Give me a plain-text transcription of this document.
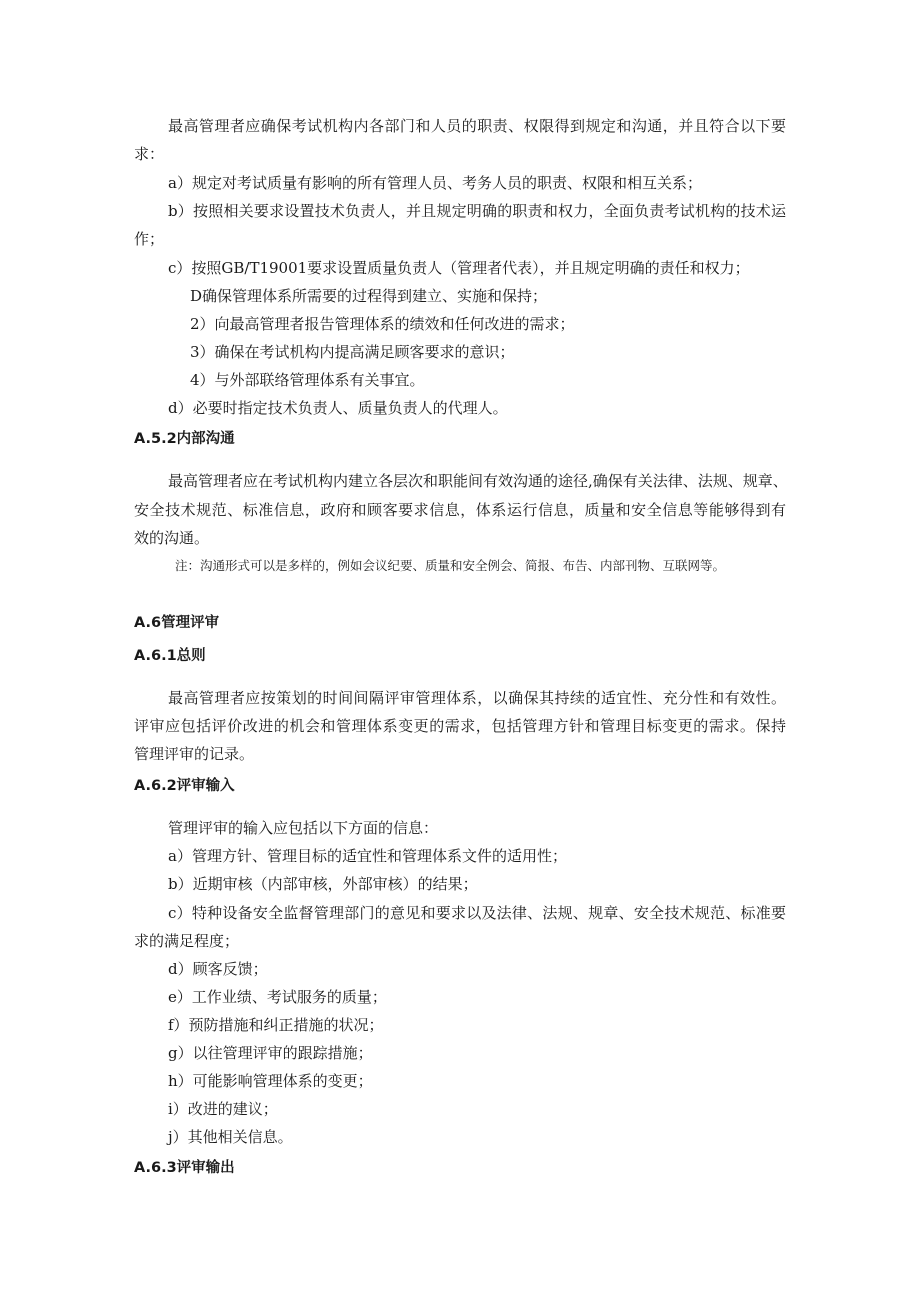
最高管理者应确保考试机构内各部门和人员的职责、权限得到规定和沟通，并且符合以下要
求：
a）规定对考试质量有影响的所有管理人员、考务人员的职责、权限和相互关系；
b）按照相关要求设置技术负责人，并且规定明确的职责和权力，全面负责考试机构的技术运
作；
c）按照GB/T19001要求设置质量负责人（管理者代表），并且规定明确的责任和权力；
D确保管理体系所需要的过程得到建立、实施和保持；
2）向最高管理者报告管理体系的绩效和任何改进的需求；
3）确保在考试机构内提高满足顾客要求的意识；
4）与外部联络管理体系有关事宜。
d）必要时指定技术负责人、质量负责人的代理人。
A.5.2内部沟通
最高管理者应在考试机构内建立各层次和职能间有效沟通的途径,确保有关法律、法规、规章、
安全技术规范、标准信息，政府和顾客要求信息，体系运行信息，质量和安全信息等能够得到有
效的沟通。
注：沟通形式可以是多样的，例如会议纪要、质量和安全例会、简报、布告、内部刊物、互联网等。
A.6管理评审
A.6.1总则
最高管理者应按策划的时间间隔评审管理体系，以确保其持续的适宜性、充分性和有效性。
评审应包括评价改进的机会和管理体系变更的需求，包括管理方针和管理目标变更的需求。保持
管理评审的记录。
A.6.2评审输入
管理评审的输入应包括以下方面的信息：
a）管理方针、管理目标的适宜性和管理体系文件的适用性；
b）近期审核（内部审核，外部审核）的结果；
c）特种设备安全监督管理部门的意见和要求以及法律、法规、规章、安全技术规范、标准要
求的满足程度；
d）顾客反馈；
e）工作业绩、考试服务的质量；
f）预防措施和纠正措施的状况；
g）以往管理评审的跟踪措施；
h）可能影响管理体系的变更；
i）改进的建议；
j）其他相关信息。
A.6.3评审输出
